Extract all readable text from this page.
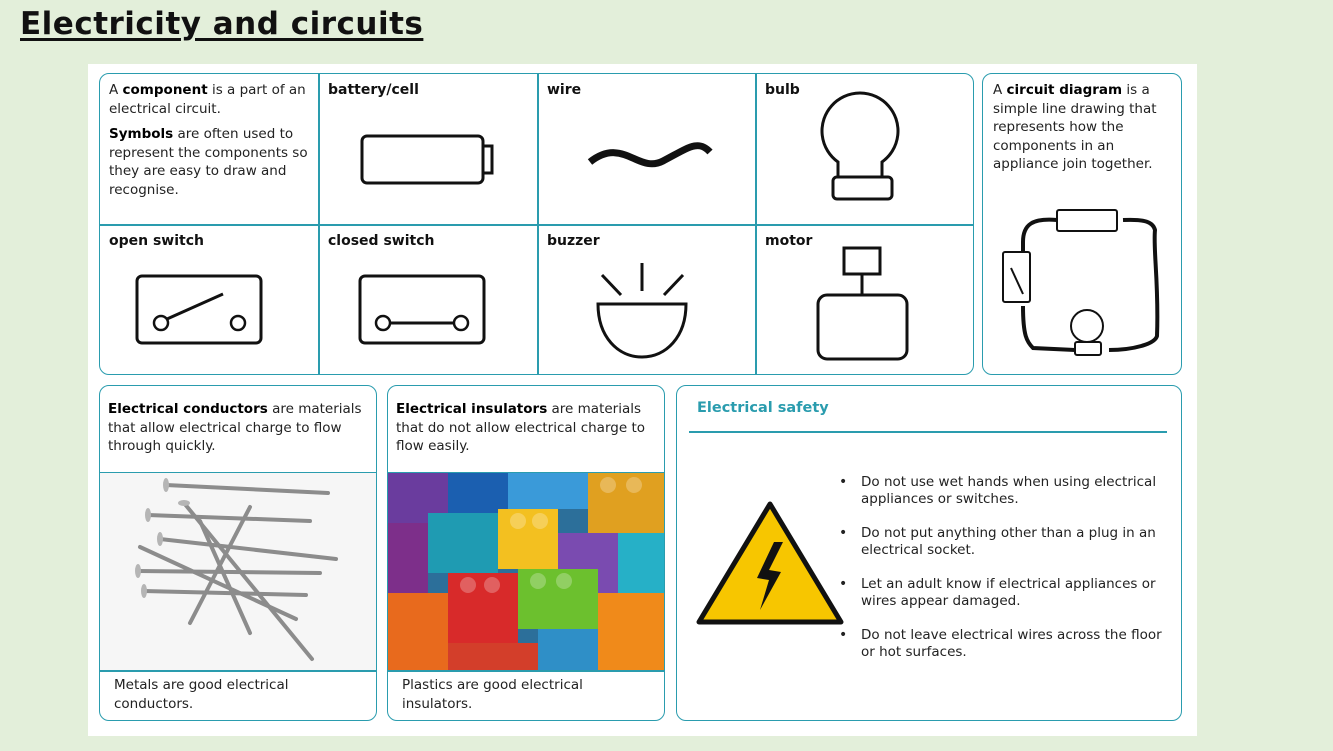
Electricity and circuits

A component is a part of an electrical circuit.

Symbols are often used to represent the components so they are easy to draw and recognise.

battery/cell	wire	bulb
open switch	closed switch	buzzer	motor

A circuit diagram is a simple line drawing that represents how the components in an appliance join together.

Electrical conductors are materials that allow electrical charge to flow through quickly.

Metals are good electrical conductors.

Electrical insulators are materials that do not allow electrical charge to flow easily.

Plastics are good electrical insulators.

Electrical safety
• Do not use wet hands when using electrical appliances or switches.
• Do not put anything other than a plug in an electrical socket.
• Let an adult know if electrical appliances or wires appear damaged.
• Do not leave electrical wires across the floor or hot surfaces.
